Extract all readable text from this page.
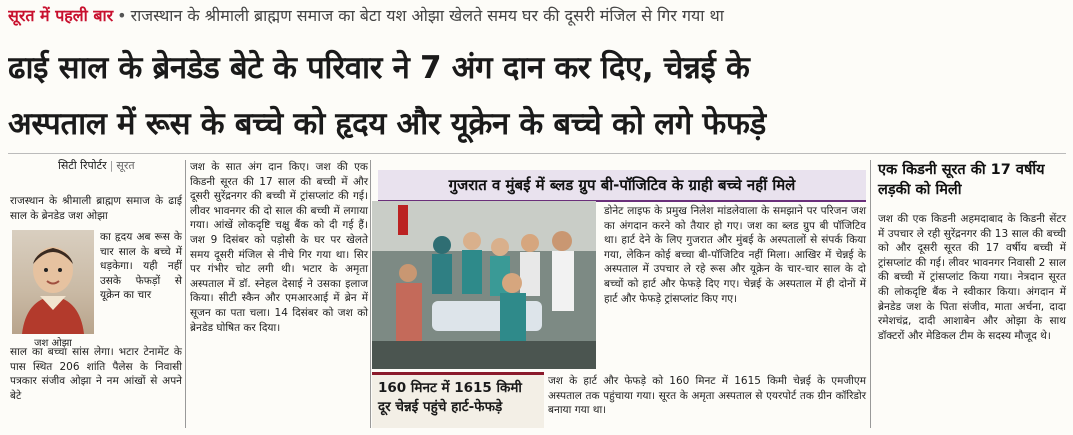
सूरत में पहली बार • राजस्थान के श्रीमाली ब्राह्मण समाज का बेटा यश ओझा खेलते समय घर की दूसरी मंजिल से गिर गया था
ढाई साल के ब्रेनडेड बेटे के परिवार ने 7 अंग दान कर दिए, चेन्नई के
अस्पताल में रूस के बच्चे को हृदय और यूक्रेन के बच्चे को लगे फेफड़े
सिटी रिपोर्टर | सूरत
राजस्थान के श्रीमाली ब्राह्मण समाज के ढाई साल के ब्रेनडेड जश ओझा
जश ओझा
का हृदय अब रूस के चार साल के बच्चे में धड़केगा। यही नहीं उसके फेफड़ों से यूक्रेन का चार
साल का बच्चा सांस लेगा। भटार टेनामेंट के पास स्थित 206 शांति पैलेस के निवासी पत्रकार संजीव ओझा ने नम आंखों से अपने बेटे
जश के सात अंग दान किए। जश की एक किडनी सूरत की 17 साल की बच्ची में और दूसरी सुरेंद्रनगर की बच्ची में ट्रांसप्लांट की गई। लीवर भावनगर की दो साल की बच्ची में लगाया गया। आंखें लोकदृष्टि चक्षु बैंक को दी गई हैं। जश 9 दिसंबर को पड़ोसी के घर पर खेलते समय दूसरी मंजिल से नीचे गिर गया था। सिर पर गंभीर चोट लगी थी। भटार के अमृता अस्पताल में डॉ. स्नेहल देसाई ने उसका इलाज किया। सीटी स्कैन और एमआरआई में ब्रेन में सूजन का पता चला। 14 दिसंबर को जश को ब्रेनडेड घोषित कर दिया।
गुजरात व मुंबई में ब्लड ग्रुप बी-पॉजिटिव के ग्राही बच्चे नहीं मिले
डोनेट लाइफ के प्रमुख निलेश मांडलेवाला के समझाने पर परिजन जश का अंगदान करने को तैयार हो गए। जश का ब्लड ग्रुप बी पॉजिटिव था। हार्ट देने के लिए गुजरात और मुंबई के अस्पतालों से संपर्क किया गया, लेकिन कोई बच्चा बी-पॉजिटिव नहीं मिला। आखिर में चेन्नई के अस्पताल में उपचार ले रहे रूस और यूक्रेन के चार-चार साल के दो बच्चों को हार्ट और फेफड़े दिए गए। चेन्नई के अस्पताल में ही दोनों में हार्ट और फेफड़े ट्रांसप्लांट किए गए।
160 मिनट में 1615 किमी दूर चेन्नई पहुंचे हार्ट-फेफड़े
जश के हार्ट और फेफड़े को 160 मिनट में 1615 किमी चेन्नई के एमजीएम अस्पताल तक पहुंचाया गया। सूरत के अमृता अस्पताल से एयरपोर्ट तक ग्रीन कॉरिडोर बनाया गया था।
एक किडनी सूरत की 17 वर्षीय लड़की को मिली
जश की एक किडनी अहमदाबाद के किडनी सेंटर में उपचार ले रही सुरेंद्रनगर की 13 साल की बच्ची को और दूसरी सूरत की 17 वर्षीय बच्ची में ट्रांसप्लांट की गई। लीवर भावनगर निवासी 2 साल की बच्ची में ट्रांसप्लांट किया गया। नेत्रदान सूरत की लोकदृष्टि बैंक ने स्वीकार किया। अंगदान में ब्रेनडेड जश के पिता संजीव, माता अर्चना, दादा रमेशचंद्र, दादी आशाबेन और ओझा के साथ डॉक्टरों और मेडिकल टीम के सदस्य मौजूद थे।
